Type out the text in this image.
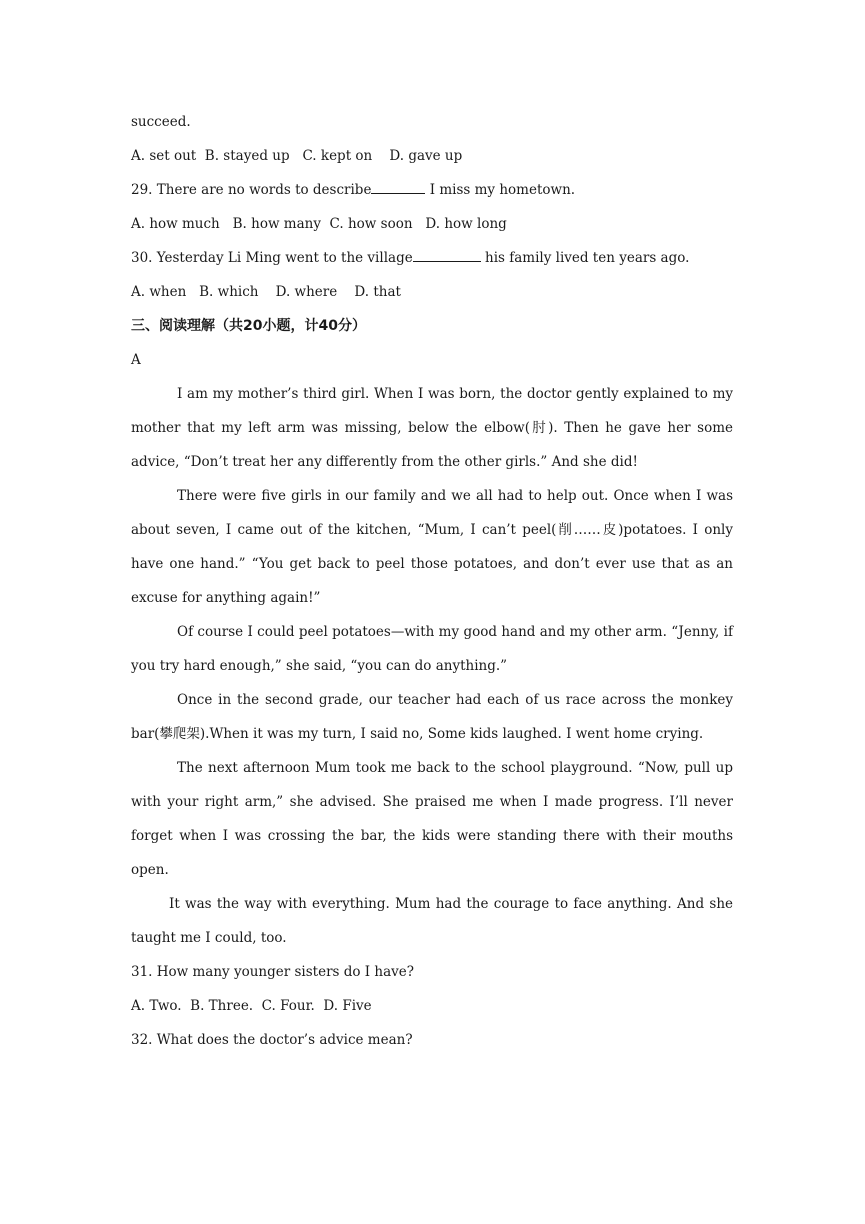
succeed.
A. set out  B. stayed up   C. kept on    D. gave up
29. There are no words to describe	I miss my hometown.
A. how much   B. how many  C. how soon   D. how long
30. Yesterday Li Ming went to the village	his family lived ten years ago.
A. when   B. which    D. where    D. that
三、阅读理解（共20小题，计40分）
A

I am my mother’s third girl. When I was born, the doctor gently explained to my mother that my left arm was missing, below the elbow(肘). Then he gave her some advice, “Don’t treat her any differently from the other girls.” And she did!

There were five girls in our family and we all had to help out. Once when I was about seven, I came out of the kitchen, “Mum, I can’t peel(削……皮)potatoes. I only have one hand.” “You get back to peel those potatoes, and don’t ever use that as an excuse for anything again!”

Of course I could peel potatoes—with my good hand and my other arm. “Jenny, if you try hard enough,” she said, “you can do anything.”

Once in the second grade, our teacher had each of us race across the monkey bar(攀爬架).When it was my turn, I said no, Some kids laughed. I went home crying.

The next afternoon Mum took me back to the school playground. “Now, pull up with your right arm,” she advised. She praised me when I made progress. I’ll never forget when I was crossing the bar, the kids were standing there with their mouths open.

It was the way with everything. Mum had the courage to face anything. And she taught me I could, too.

31. How many younger sisters do I have?
A. Two.  B. Three.  C. Four.  D. Five
32. What does the doctor’s advice mean?
